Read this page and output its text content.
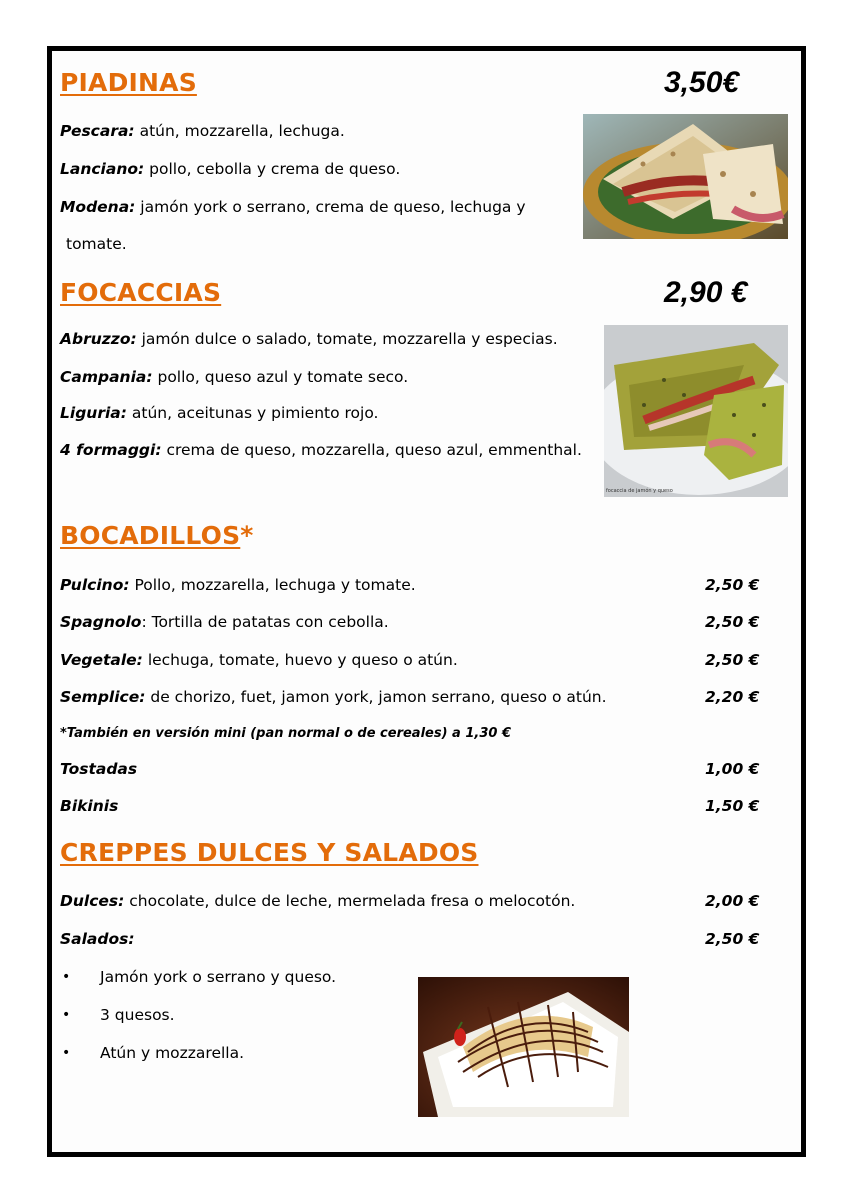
PIADINAS	3,50€
Pescara: atún, mozzarella, lechuga.
Lanciano: pollo, cebolla y crema de queso.
Modena: jamón york o serrano, crema de queso, lechuga y
tomate.
FOCACCIAS	2,90 €
Abruzzo: jamón dulce o salado, tomate, mozzarella y especias.
Campania: pollo, queso azul y tomate seco.
Liguria: atún, aceitunas y pimiento rojo.
4 formaggi: crema de queso, mozzarella, queso azul, emmenthal.
focaccia de jamón y queso
BOCADILLOS*
Pulcino: Pollo, mozzarella, lechuga y tomate.	2,50 €
Spagnolo: Tortilla de patatas con cebolla.	2,50 €
Vegetale: lechuga, tomate, huevo y queso o atún.	2,50 €
Semplice: de chorizo, fuet, jamon york, jamon serrano, queso o atún.	2,20 €
*También en versión mini (pan normal o de cereales) a 1,30 €
Tostadas	1,00 €
Bikinis	1,50 €
CREPPES DULCES Y SALADOS
Dulces: chocolate, dulce de leche, mermelada fresa o melocotón.	2,00 €
Salados:	2,50 €
• Jamón york o serrano y queso.
• 3 quesos.
• Atún y mozzarella.
